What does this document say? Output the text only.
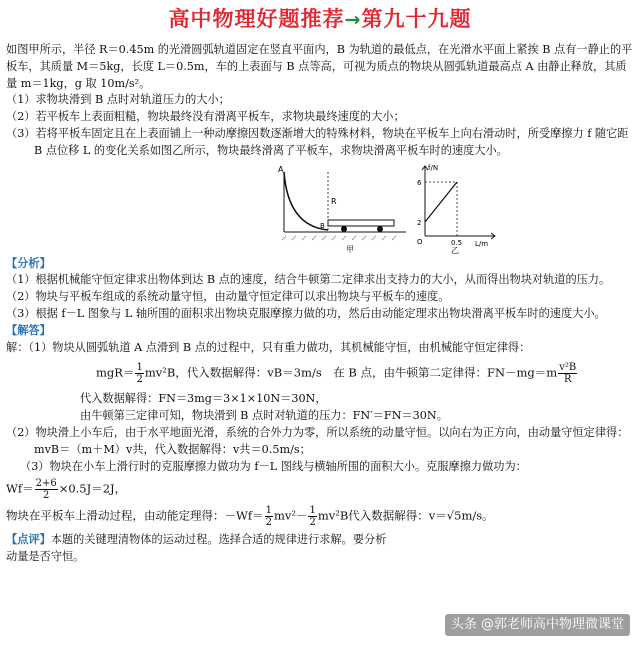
高中物理好题推荐→第九十九题

如图甲所示，半径 R＝0.45m 的光滑圆弧轨道固定在竖直平面内，B 为轨道的最低点，在光滑水平面上紧挨 B 点有一静止的平板车，其质量 M＝5kg，长度 L＝0.5m，车的上表面与 B 点等高，可视为质点的物块从圆弧轨道最高点 A 由静止释放，其质量 m＝1kg，g 取 10m/s²。

（1）求物块滑到 B 点时对轨道压力的大小；

（2）若平板车上表面粗糙，物块最终没有滑离平板车，求物块最终速度的大小；

（3）若将平板车固定且在上表面铺上一种动摩擦因数逐渐增大的特殊材料，物块在平板车上向右滑动时，所受摩擦力 f 随它距 B 点位移 L 的变化关系如图乙所示，物块最终滑离了平板车，求物块滑离平板车时的速度大小。

A
R
B
甲
f/N
L/m
6
2
0.5
O
乙

【分析】

（1）根据机械能守恒定律求出物体到达 B 点的速度，结合牛顿第二定律求出支持力的大小，从而得出物块对轨道的压力。

（2）物块与平板车组成的系统动量守恒，由动量守恒定律可以求出物块与平板车的速度。

（3）根据 f－L 图象与 L 轴所围的面积求出物块克服摩擦力做的功，然后由动能定理求出物块滑离平板车时的速度大小。

【解答】

解：（1）物块从圆弧轨道 A 点滑到 B 点的过程中，只有重力做功，其机械能守恒，由机械能守恒定律得：

$mgR= \frac{1}{2} mv^2B$，代入数据解得：vB＝3m/s　在 B 点，由牛顿第二定律得：$FN-mg=m \frac{\text{v²B}}{R}$

代入数据解得：FN＝3mg＝3×1×10N＝30N，

由牛顿第三定律可知，物块滑到 B 点时对轨道的压力：FN′＝FN＝30N。

（2）物块滑上小车后，由于水平地面光滑，系统的合外力为零，所以系统的动量守恒。以向右为正方向，由动量守恒定律得：mvB＝（m＋M）v共，代入数据解得：v共＝0.5m/s；

（3）物块在小车上滑行时的克服摩擦力做功为 f－L 图线与横轴所围的面积大小。克服摩擦力做功为：

$Wf= \frac{2+6}{2} \times 0.5J=2J$，

物块在平板车上滑动过程，由动能定理得：$-Wf= \frac{1}{2} mv^2- \frac{1}{2} mv^2B$代入数据解得：v＝√5m/s。

【点评】本题的关键理清物体的运动过程。选择合适的规律进行求解。要分析

动量是否守恒。

头条 @郭老师高中物理微课堂
